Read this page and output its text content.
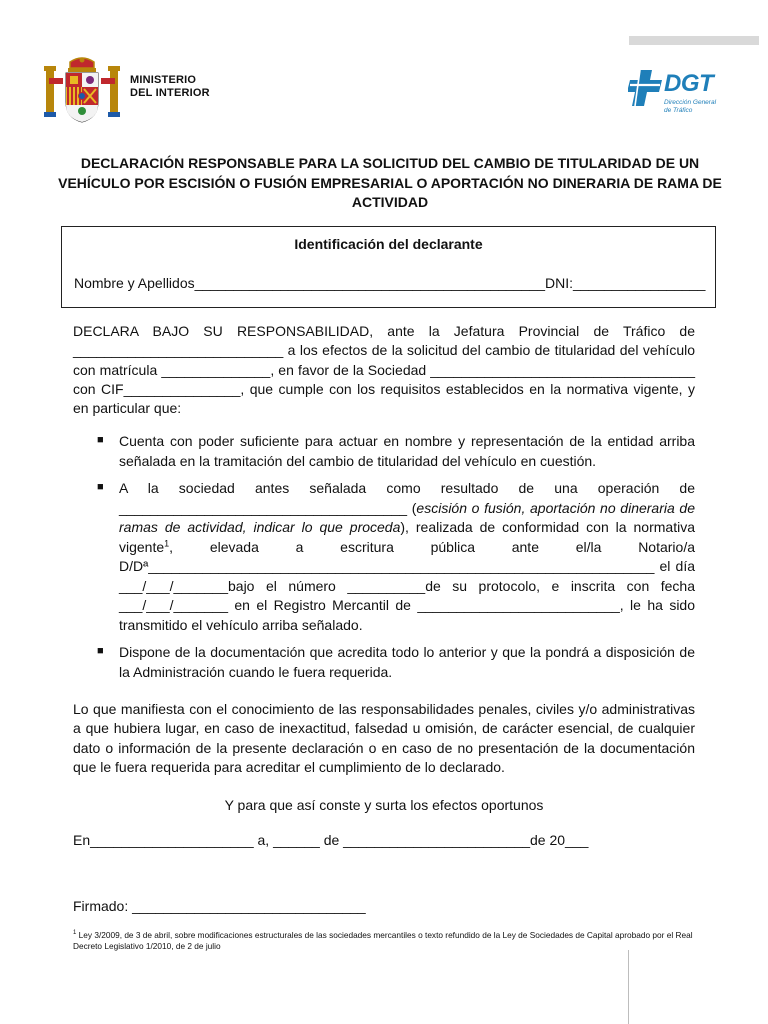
MINISTERIO
DEL INTERIOR	DGT
Dirección General
de Tráfico
DECLARACIÓN RESPONSABLE PARA LA SOLICITUD DEL CAMBIO DE TITULARIDAD DE UN VEHÍCULO POR ESCISIÓN O FUSIÓN EMPRESARIAL O APORTACIÓN NO DINERARIA DE RAMA DE ACTIVIDAD
Identificación del declarante
Nombre y Apellidos_____________________________________________DNI:_________________
DECLARA BAJO SU RESPONSABILIDAD, ante la Jefatura Provincial de Tráfico de ___________________________ a los efectos de la solicitud del cambio de titularidad del vehículo con matrícula ______________, en favor de la Sociedad __________________________________ con CIF_______________, que cumple con los requisitos establecidos en la normativa vigente, y en particular que:
■	Cuenta con poder suficiente para actuar en nombre y representación de la entidad arriba señalada en la tramitación del cambio de titularidad del vehículo en cuestión.
■	A la sociedad antes señalada como resultado de una operación de _____________________________________ (escisión o fusión, aportación no dineraria de ramas de actividad, indicar lo que proceda), realizada de conformidad con la normativa vigente$^1$, elevada a escritura pública ante el/la Notario/a D/Dª_________________________________________________________________ el día ___/___/_______bajo el número __________de su protocolo, e inscrita con fecha ___/___/_______ en el Registro Mercantil de __________________________, le ha sido transmitido el vehículo arriba señalado.
■	Dispone de la documentación que acredita todo lo anterior y que la pondrá a disposición de la Administración cuando le fuera requerida.
Lo que manifiesta con el conocimiento de las responsabilidades penales, civiles y/o administrativas a que hubiera lugar, en caso de inexactitud, falsedad u omisión, de carácter esencial, de cualquier dato o información de la presente declaración o en caso de no presentación de la documentación que le fuera requerida para acreditar el cumplimiento de lo declarado.
Y para que así conste y surta los efectos oportunos
En_____________________ a, ______ de ________________________de 20___
Firmado: ______________________________
$^1$ Ley 3/2009, de 3 de abril, sobre modificaciones estructurales de las sociedades mercantiles o texto refundido de la Ley de Sociedades de Capital aprobado por el Real Decreto Legislativo 1/2010, de 2 de julio
